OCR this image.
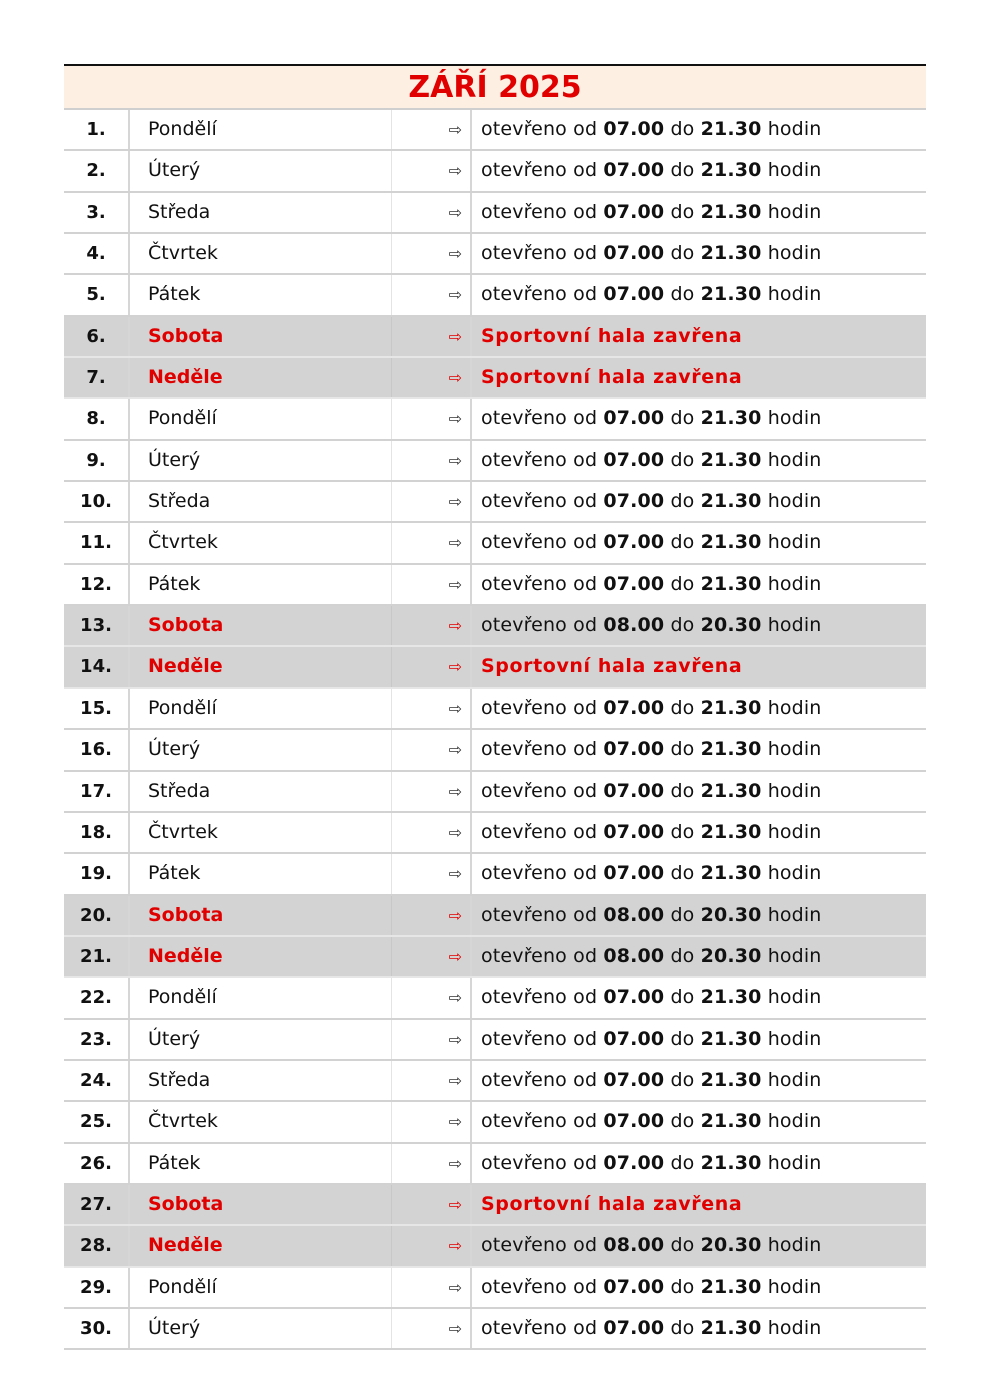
ZÁŘÍ 2025
1.	Pondělí	⇨	otevřeno od 07.00 do 21.30 hodin
2.	Úterý	⇨	otevřeno od 07.00 do 21.30 hodin
3.	Středa	⇨	otevřeno od 07.00 do 21.30 hodin
4.	Čtvrtek	⇨	otevřeno od 07.00 do 21.30 hodin
5.	Pátek	⇨	otevřeno od 07.00 do 21.30 hodin
6.	Sobota	⇨	Sportovní hala zavřena
7.	Neděle	⇨	Sportovní hala zavřena
8.	Pondělí	⇨	otevřeno od 07.00 do 21.30 hodin
9.	Úterý	⇨	otevřeno od 07.00 do 21.30 hodin
10.	Středa	⇨	otevřeno od 07.00 do 21.30 hodin
11.	Čtvrtek	⇨	otevřeno od 07.00 do 21.30 hodin
12.	Pátek	⇨	otevřeno od 07.00 do 21.30 hodin
13.	Sobota	⇨	otevřeno od 08.00 do 20.30 hodin
14.	Neděle	⇨	Sportovní hala zavřena
15.	Pondělí	⇨	otevřeno od 07.00 do 21.30 hodin
16.	Úterý	⇨	otevřeno od 07.00 do 21.30 hodin
17.	Středa	⇨	otevřeno od 07.00 do 21.30 hodin
18.	Čtvrtek	⇨	otevřeno od 07.00 do 21.30 hodin
19.	Pátek	⇨	otevřeno od 07.00 do 21.30 hodin
20.	Sobota	⇨	otevřeno od 08.00 do 20.30 hodin
21.	Neděle	⇨	otevřeno od 08.00 do 20.30 hodin
22.	Pondělí	⇨	otevřeno od 07.00 do 21.30 hodin
23.	Úterý	⇨	otevřeno od 07.00 do 21.30 hodin
24.	Středa	⇨	otevřeno od 07.00 do 21.30 hodin
25.	Čtvrtek	⇨	otevřeno od 07.00 do 21.30 hodin
26.	Pátek	⇨	otevřeno od 07.00 do 21.30 hodin
27.	Sobota	⇨	Sportovní hala zavřena
28.	Neděle	⇨	otevřeno od 08.00 do 20.30 hodin
29.	Pondělí	⇨	otevřeno od 07.00 do 21.30 hodin
30.	Úterý	⇨	otevřeno od 07.00 do 21.30 hodin
